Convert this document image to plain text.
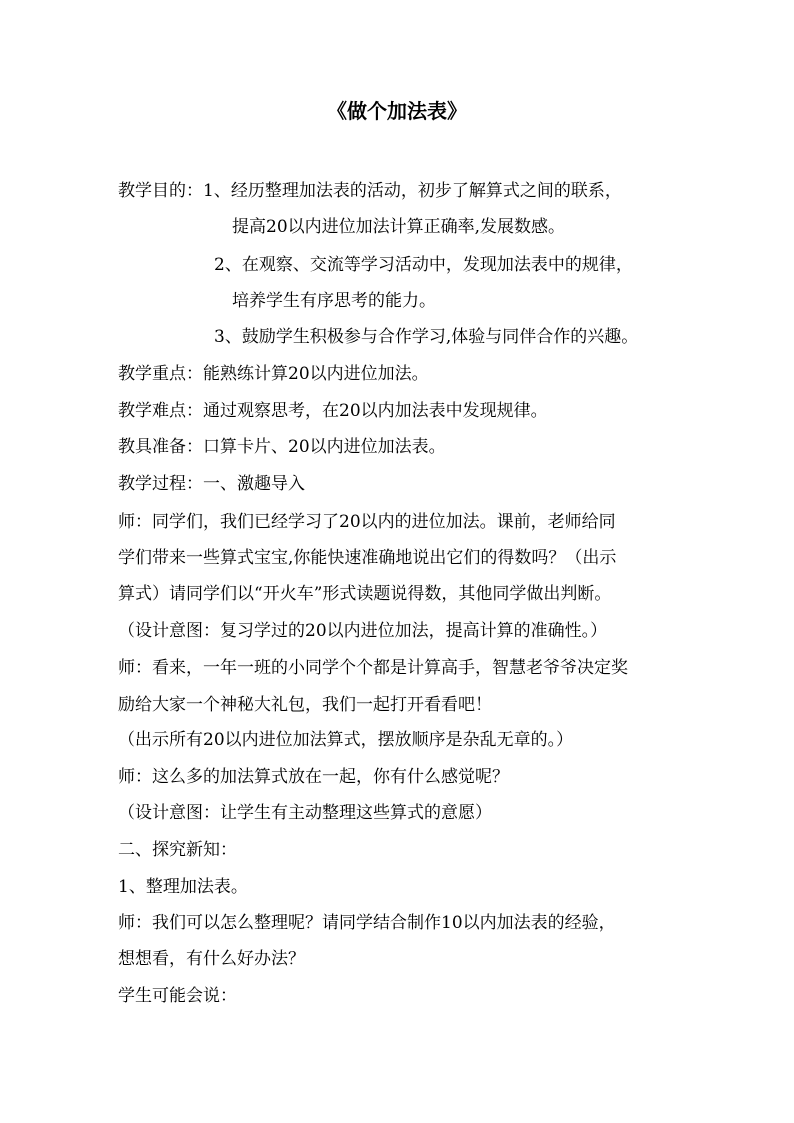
《做个加法表》
教学目的：1、经历整理加法表的活动，初步了解算式之间的联系，
提高20以内进位加法计算正确率,发展数感。
2、在观察、交流等学习活动中，发现加法表中的规律，
培养学生有序思考的能力。
3、鼓励学生积极参与合作学习,体验与同伴合作的兴趣。
教学重点：能熟练计算20以内进位加法。
教学难点：通过观察思考，在20以内加法表中发现规律。
教具准备：口算卡片、20以内进位加法表。
教学过程：一、激趣导入
师：同学们，我们已经学习了20以内的进位加法。课前，老师给同
学们带来一些算式宝宝,你能快速准确地说出它们的得数吗？（出示
算式）请同学们以“开火车”形式读题说得数，其他同学做出判断。
（设计意图：复习学过的20以内进位加法，提高计算的准确性。）
师：看来，一年一班的小同学个个都是计算高手，智慧老爷爷决定奖
励给大家一个神秘大礼包，我们一起打开看看吧！
（出示所有20以内进位加法算式，摆放顺序是杂乱无章的。）
师：这么多的加法算式放在一起，你有什么感觉呢？
（设计意图：让学生有主动整理这些算式的意愿）
二、探究新知：
1、整理加法表。
师：我们可以怎么整理呢？请同学结合制作10以内加法表的经验，
想想看，有什么好办法？
学生可能会说：
